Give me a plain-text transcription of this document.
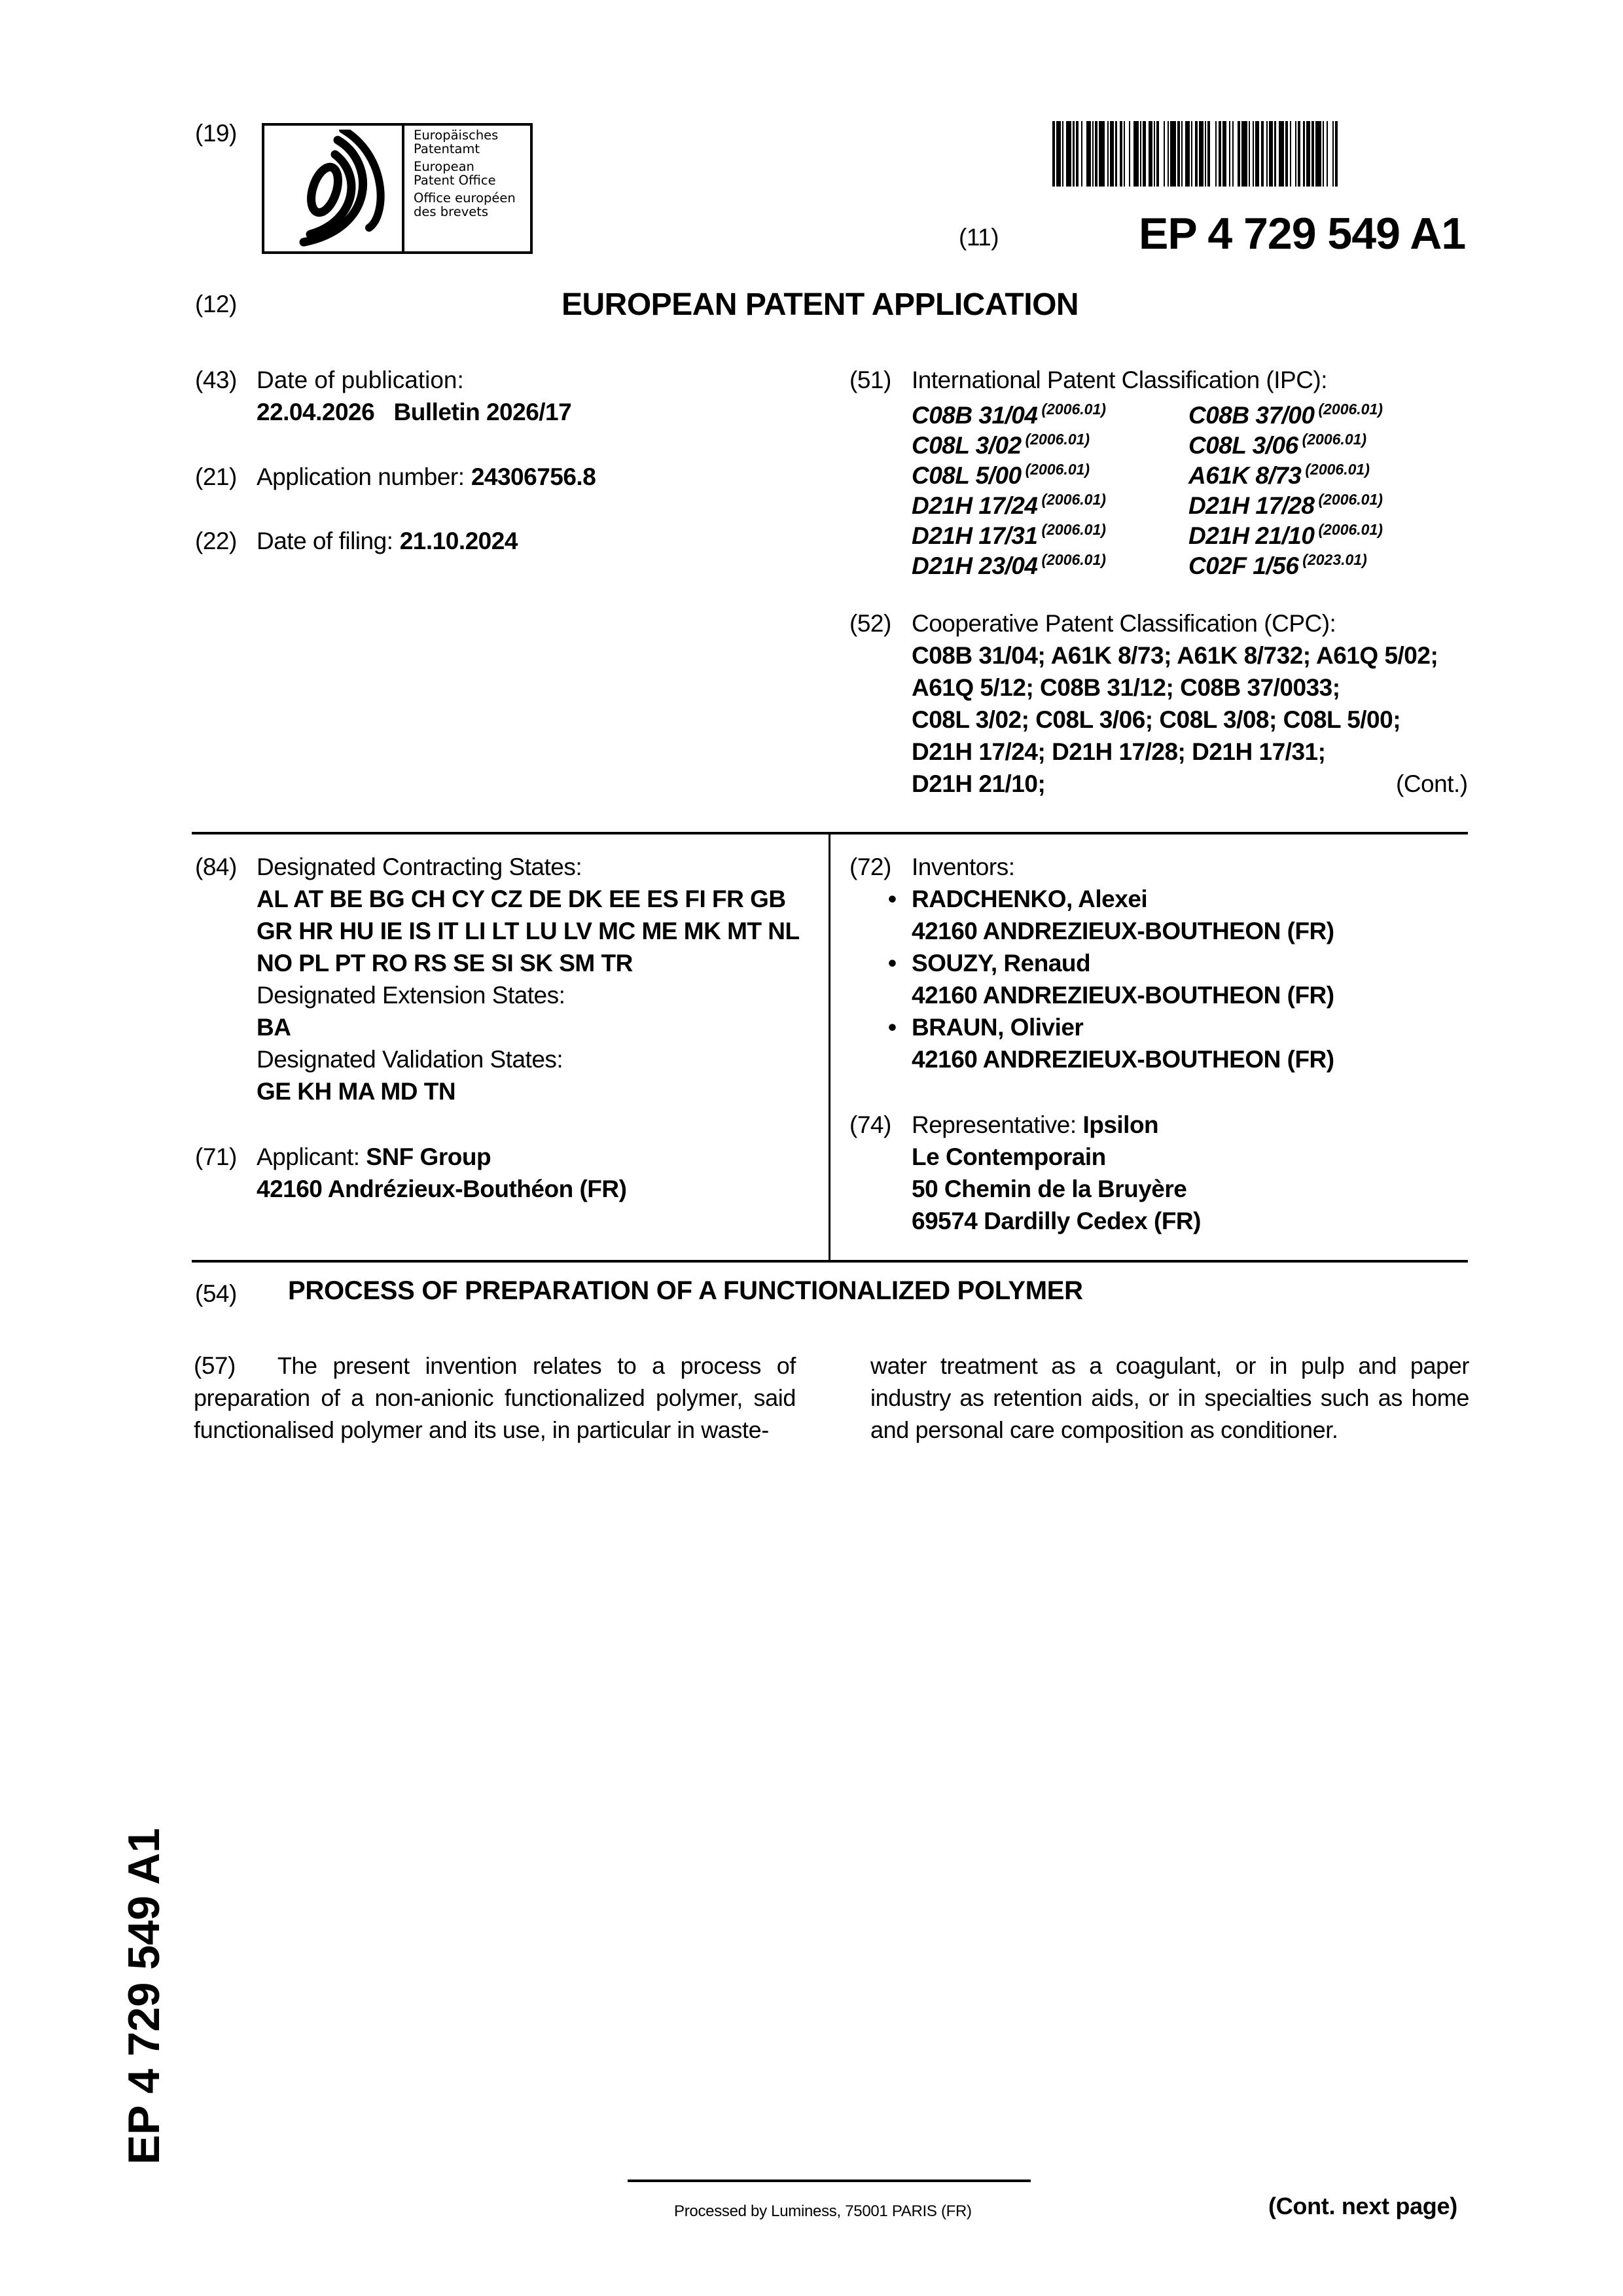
(19)	Europäisches
Patentamt
European
Patent Office
Office européen
des brevets
(11)	EP 4 729 549 A1
(12)	EUROPEAN PATENT APPLICATION
(43) Date of publication:
22.04.2026 Bulletin 2026/17
(21) Application number: 24306756.8
(22) Date of filing: 21.10.2024
(51) International Patent Classification (IPC):
C08B 31/04 (2006.01)	C08B 37/00 (2006.01)
C08L 3/02 (2006.01)	C08L 3/06 (2006.01)
C08L 5/00 (2006.01)	A61K 8/73 (2006.01)
D21H 17/24 (2006.01)	D21H 17/28 (2006.01)
D21H 17/31 (2006.01)	D21H 21/10 (2006.01)
D21H 23/04 (2006.01)	C02F 1/56 (2023.01)
(52) Cooperative Patent Classification (CPC):
C08B 31/04; A61K 8/73; A61K 8/732; A61Q 5/02;
A61Q 5/12; C08B 31/12; C08B 37/0033;
C08L 3/02; C08L 3/06; C08L 3/08; C08L 5/00;
D21H 17/24; D21H 17/28; D21H 17/31;
D21H 21/10;	(Cont.)
(84) Designated Contracting States:
AL AT BE BG CH CY CZ DE DK EE ES FI FR GB
GR HR HU IE IS IT LI LT LU LV MC ME MK MT NL
NO PL PT RO RS SE SI SK SM TR
Designated Extension States:
BA
Designated Validation States:
GE KH MA MD TN
(71) Applicant: SNF Group
42160 Andrézieux-Bouthéon (FR)
(72) Inventors:
• RADCHENKO, Alexei
42160 ANDREZIEUX-BOUTHEON (FR)
• SOUZY, Renaud
42160 ANDREZIEUX-BOUTHEON (FR)
• BRAUN, Olivier
42160 ANDREZIEUX-BOUTHEON (FR)
(74) Representative: Ipsilon
Le Contemporain
50 Chemin de la Bruyère
69574 Dardilly Cedex (FR)
(54) PROCESS OF PREPARATION OF A FUNCTIONALIZED POLYMER
(57) The present invention relates to a process of
preparation of a non-anionic functionalized polymer, said functionalised polymer and its use, in particular in waste-
water treatment as a coagulant, or in pulp and paper industry as retention aids, or in specialties such as home and personal care composition as conditioner.
EP 4 729 549 A1
Processed by Luminess, 75001 PARIS (FR)	(Cont. next page)
